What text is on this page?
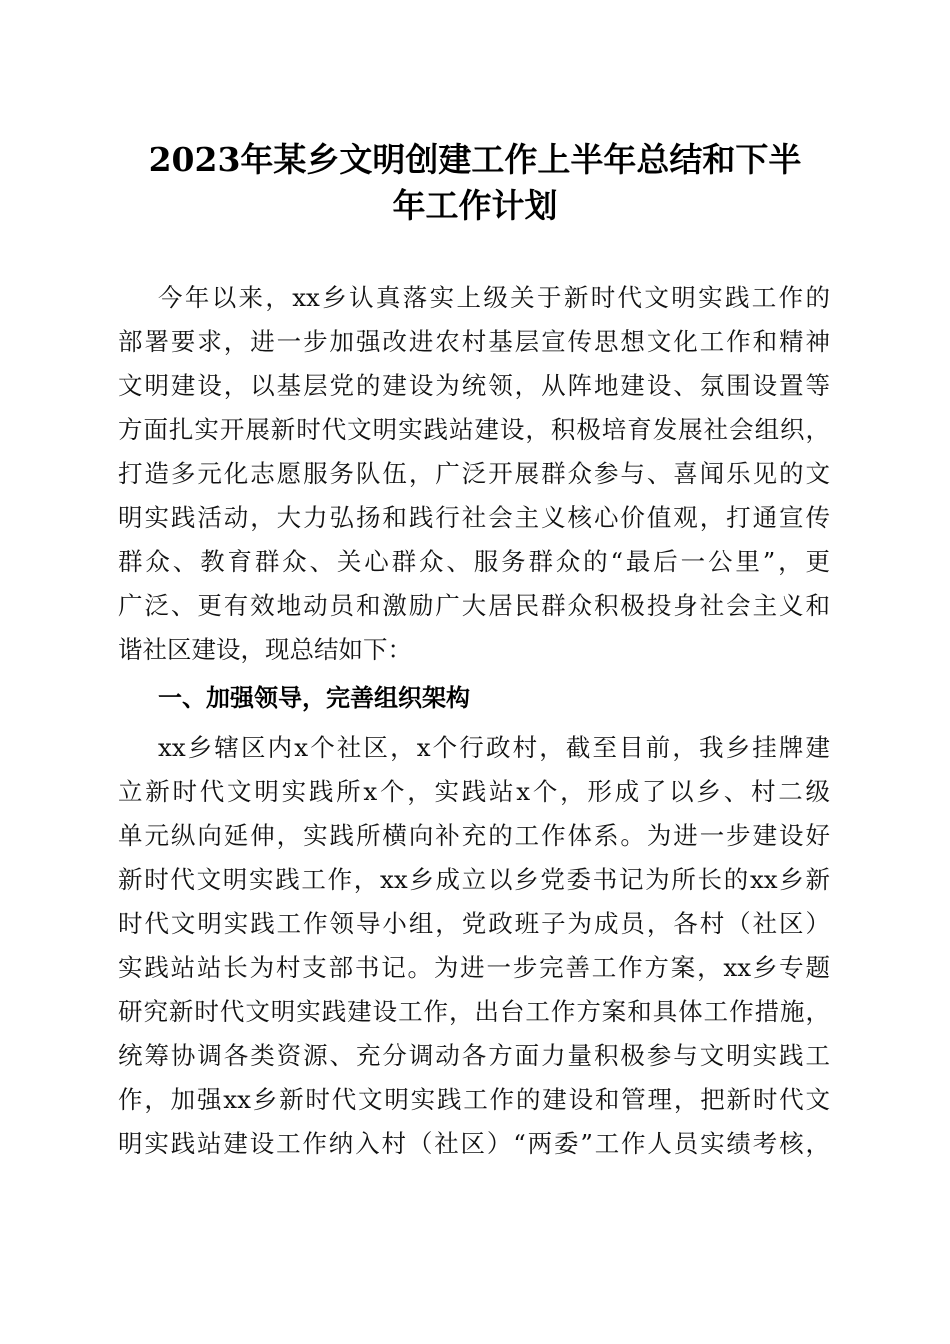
2023年某乡文明创建工作上半年总结和下半
年工作计划

今年以来，xx乡认真落实上级关于新时代文明实践工作的

部署要求，进一步加强改进农村基层宣传思想文化工作和精神

文明建设，以基层党的建设为统领，从阵地建设、氛围设置等

方面扎实开展新时代文明实践站建设，积极培育发展社会组织，

打造多元化志愿服务队伍，广泛开展群众参与、喜闻乐见的文

明实践活动，大力弘扬和践行社会主义核心价值观，打通宣传

群众、教育群众、关心群众、服务群众的“最后一公里”，更

广泛、更有效地动员和激励广大居民群众积极投身社会主义和

谐社区建设，现总结如下：

一、加强领导，完善组织架构

xx乡辖区内x个社区，x个行政村，截至目前，我乡挂牌建

立新时代文明实践所x个，实践站x个，形成了以乡、村二级

单元纵向延伸，实践所横向补充的工作体系。为进一步建设好

新时代文明实践工作，xx乡成立以乡党委书记为所长的xx乡新

时代文明实践工作领导小组，党政班子为成员，各村（社区）

实践站站长为村支部书记。为进一步完善工作方案，xx乡专题

研究新时代文明实践建设工作，出台工作方案和具体工作措施，

统筹协调各类资源、充分调动各方面力量积极参与文明实践工

作，加强xx乡新时代文明实践工作的建设和管理，把新时代文

明实践站建设工作纳入村（社区）“两委”工作人员实绩考核，
